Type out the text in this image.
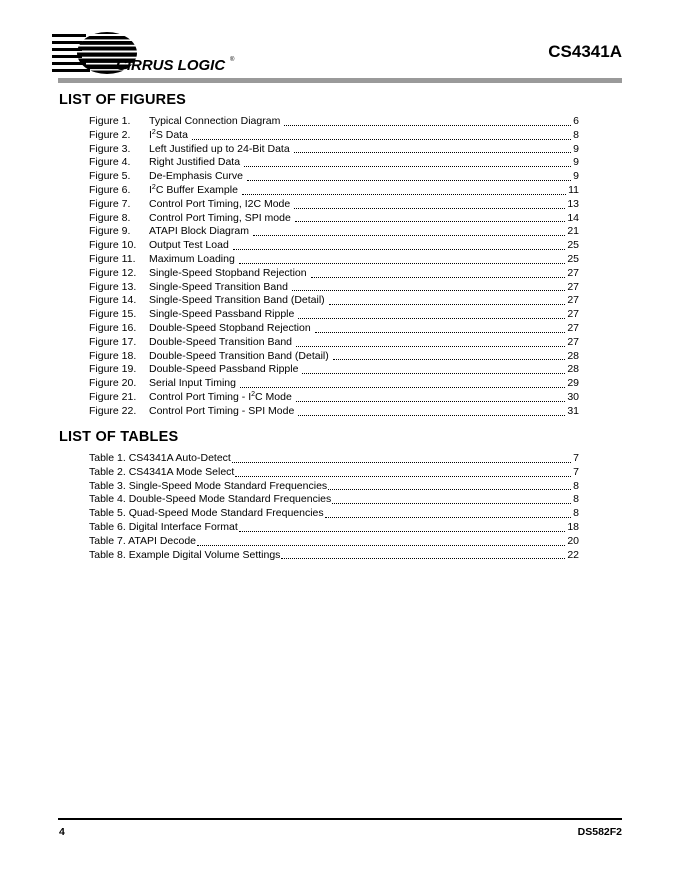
CIRRUS LOGIC ®	CS4341A
LIST OF FIGURES
Figure 1.	Typical Connection Diagram	6
Figure 2.	$I^2S$ Data	8
Figure 3.	Left Justified up to 24-Bit Data	9
Figure 4.	Right Justified Data	9
Figure 5.	De-Emphasis Curve	9
Figure 6.	$I^2C$ Buffer Example	11
Figure 7.	Control Port Timing, I2C Mode	13
Figure 8.	Control Port Timing, SPI mode	14
Figure 9.	ATAPI Block Diagram	21
Figure 10.	Output Test Load	25
Figure 11.	Maximum Loading	25
Figure 12.	Single-Speed Stopband Rejection	27
Figure 13.	Single-Speed Transition Band	27
Figure 14.	Single-Speed Transition Band (Detail)	27
Figure 15.	Single-Speed Passband Ripple	27
Figure 16.	Double-Speed Stopband Rejection	27
Figure 17.	Double-Speed Transition Band	27
Figure 18.	Double-Speed Transition Band (Detail)	28
Figure 19.	Double-Speed Passband Ripple	28
Figure 20.	Serial Input Timing	29
Figure 21.	Control Port Timing - $I^2C$ Mode	30
Figure 22.	Control Port Timing - SPI Mode	31
LIST OF TABLES
Table 1. CS4341A Auto-Detect	7
Table 2. CS4341A Mode Select	7
Table 3. Single-Speed Mode Standard Frequencies	8
Table 4. Double-Speed Mode Standard Frequencies	8
Table 5. Quad-Speed Mode Standard Frequencies	8
Table 6. Digital Interface Format	18
Table 7. ATAPI Decode	20
Table 8. Example Digital Volume Settings	22
4	DS582F2
